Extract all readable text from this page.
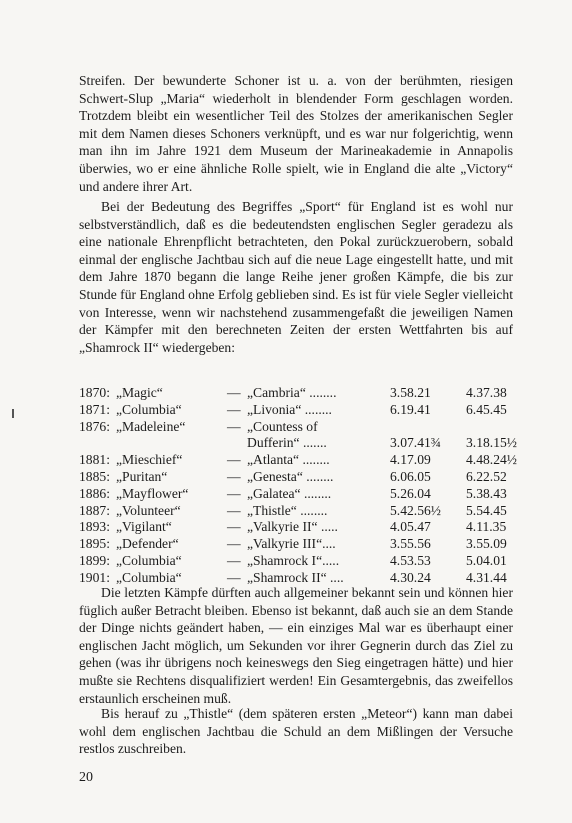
Streifen. Der bewunderte Schoner ist u. a. von der berühmten, riesigen Schwert-Slup „Maria“ wiederholt in blendender Form geschlagen worden. Trotzdem bleibt ein wesentlicher Teil des Stolzes der amerikanischen Segler mit dem Namen dieses Schoners verknüpft, und es war nur folgerichtig, wenn man ihn im Jahre 1921 dem Museum der Marineakademie in Annapolis überwies, wo er eine ähnliche Rolle spielt, wie in England die alte „Victory“ und andere ihrer Art.

Bei der Bedeutung des Begriffes „Sport“ für England ist es wohl nur selbstverständlich, daß es die bedeutendsten englischen Segler geradezu als eine nationale Ehrenpflicht betrachteten, den Pokal zurückzuerobern, sobald einmal der englische Jachtbau sich auf die neue Lage eingestellt hatte, und mit dem Jahre 1870 begann die lange Reihe jener großen Kämpfe, die bis zur Stunde für England ohne Erfolg geblieben sind. Es ist für viele Segler vielleicht von Interesse, wenn wir nachstehend zusammengefaßt die jeweiligen Namen der Kämpfer mit den berechneten Zeiten der ersten Wettfahrten bis auf „Shamrock II“ wiedergeben:

1870: „Magic“	— „Cambria“ ........	3.58.21	4.37.38
1871: „Columbia“	— „Livonia“ ........	6.19.41	6.45.45
1876: „Madeleine“	— „Countess of
Dufferin“ .......	3.07.41¾ 3.18.15½
1881: „Mieschief“	— „Atlanta“ ........	4.17.09	4.48.24½
1885: „Puritan“	— „Genesta“ ........	6.06.05	6.22.52
1886: „Mayflower“	— „Galatea“ ........	5.26.04	5.38.43
1887: „Volunteer“	— „Thistle“ ........	5.42.56½ 5.54.45
1893: „Vigilant“	— „Valkyrie II“ .....	4.05.47	4.11.35
1895: „Defender“	— „Valkyrie III“....	3.55.56	3.55.09
1899: „Columbia“	— „Shamrock I“.....	4.53.53	5.04.01
1901: „Columbia“	— „Shamrock II“ ....	4.30.24	4.31.44

Die letzten Kämpfe dürften auch allgemeiner bekannt sein und können hier füglich außer Betracht bleiben. Ebenso ist bekannt, daß auch sie an dem Stande der Dinge nichts geändert haben, — ein einziges Mal war es überhaupt einer englischen Jacht möglich, um Sekunden vor ihrer Gegnerin durch das Ziel zu gehen (was ihr übrigens noch keineswegs den Sieg eingetragen hätte) und hier mußte sie Rechtens disqualifiziert werden! Ein Gesamtergebnis, das zweifellos erstaunlich erscheinen muß.

Bis herauf zu „Thistle“ (dem späteren ersten „Meteor“) kann man dabei wohl dem englischen Jachtbau die Schuld an dem Mißlingen der Versuche restlos zuschreiben.

20
